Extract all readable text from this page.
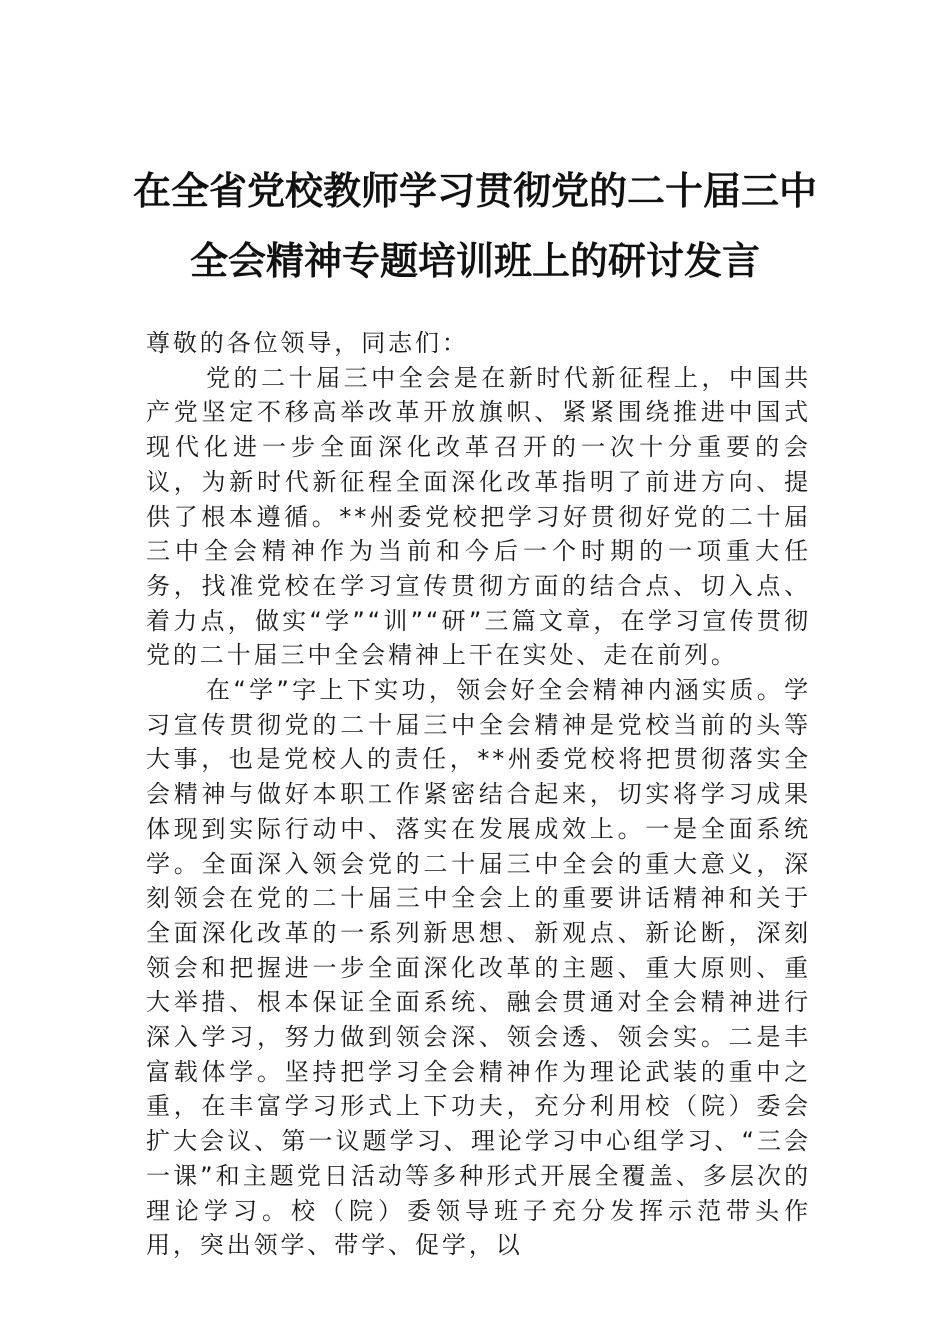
在全省党校教师学习贯彻党的二十届三中
全会精神专题培训班上的研讨发言

尊敬的各位领导，同志们：

党的二十届三中全会是在新时代新征程上，中国共产党坚定不移高举改革开放旗帜、紧紧围绕推进中国式现代化进一步全面深化改革召开的一次十分重要的会议，为新时代新征程全面深化改革指明了前进方向、提供了根本遵循。**州委党校把学习好贯彻好党的二十届三中全会精神作为当前和今后一个时期的一项重大任务，找准党校在学习宣传贯彻方面的结合点、切入点、着力点，做实“学”“训”“研”三篇文章，在学习宣传贯彻党的二十届三中全会精神上干在实处、走在前列。

在“学”字上下实功，领会好全会精神内涵实质。学习宣传贯彻党的二十届三中全会精神是党校当前的头等大事，也是党校人的责任，**州委党校将把贯彻落实全会精神与做好本职工作紧密结合起来，切实将学习成果体现到实际行动中、落实在发展成效上。一是全面系统学。全面深入领会党的二十届三中全会的重大意义，深刻领会在党的二十届三中全会上的重要讲话精神和关于全面深化改革的一系列新思想、新观点、新论断，深刻领会和把握进一步全面深化改革的主题、重大原则、重大举措、根本保证全面系统、融会贯通对全会精神进行深入学习，努力做到领会深、领会透、领会实。二是丰富载体学。坚持把学习全会精神作为理论武装的重中之重，在丰富学习形式上下功夫，充分利用校（院）委会扩大会议、第一议题学习、理论学习中心组学习、“三会一课”和主题党日活动等多种形式开展全覆盖、多层次的理论学习。校（院）委领导班子充分发挥示范带头作用，突出领学、带学、促学，以
